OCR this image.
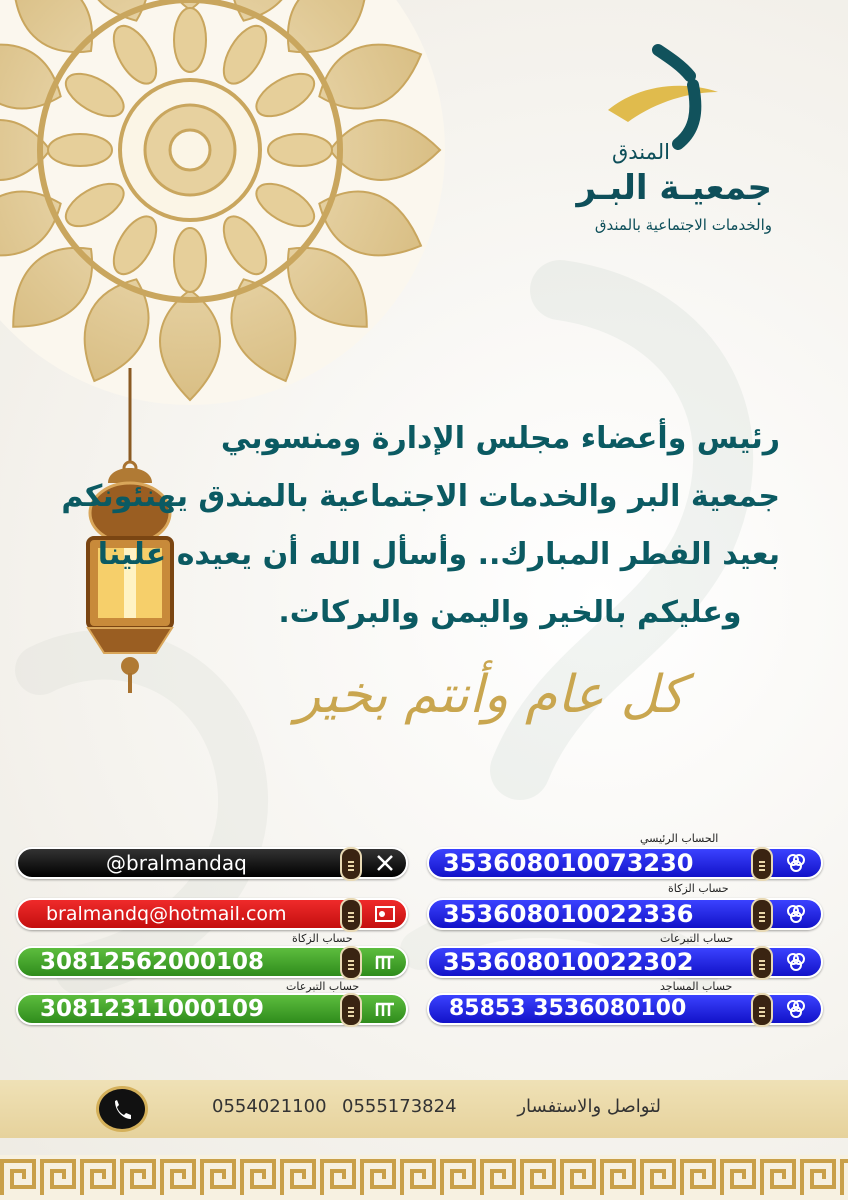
المندق
جمعيـة البـر
والخدمات الاجتماعية بالمندق
رئيس وأعضاء مجلس الإدارة ومنسوبي
جمعية البر والخدمات الاجتماعية بالمندق يهنئونكم
بعيد الفطر المبارك.. وأسأل الله أن يعيده علينا
وعليكم بالخير واليمن والبركات.
كل عام وأنتم بخير
الحساب الرئيسي
353608010073230
حساب الزكاة
353608010022336
حساب التبرعات
353608010022302
حساب المساجد
85853 3536080100
@bralmandaq
bralmandq@hotmail.com
حساب الزكاة
30812562000108
حساب التبرعات
30812311000109
0554021100 0555173824	لتواصل والاستفسار
